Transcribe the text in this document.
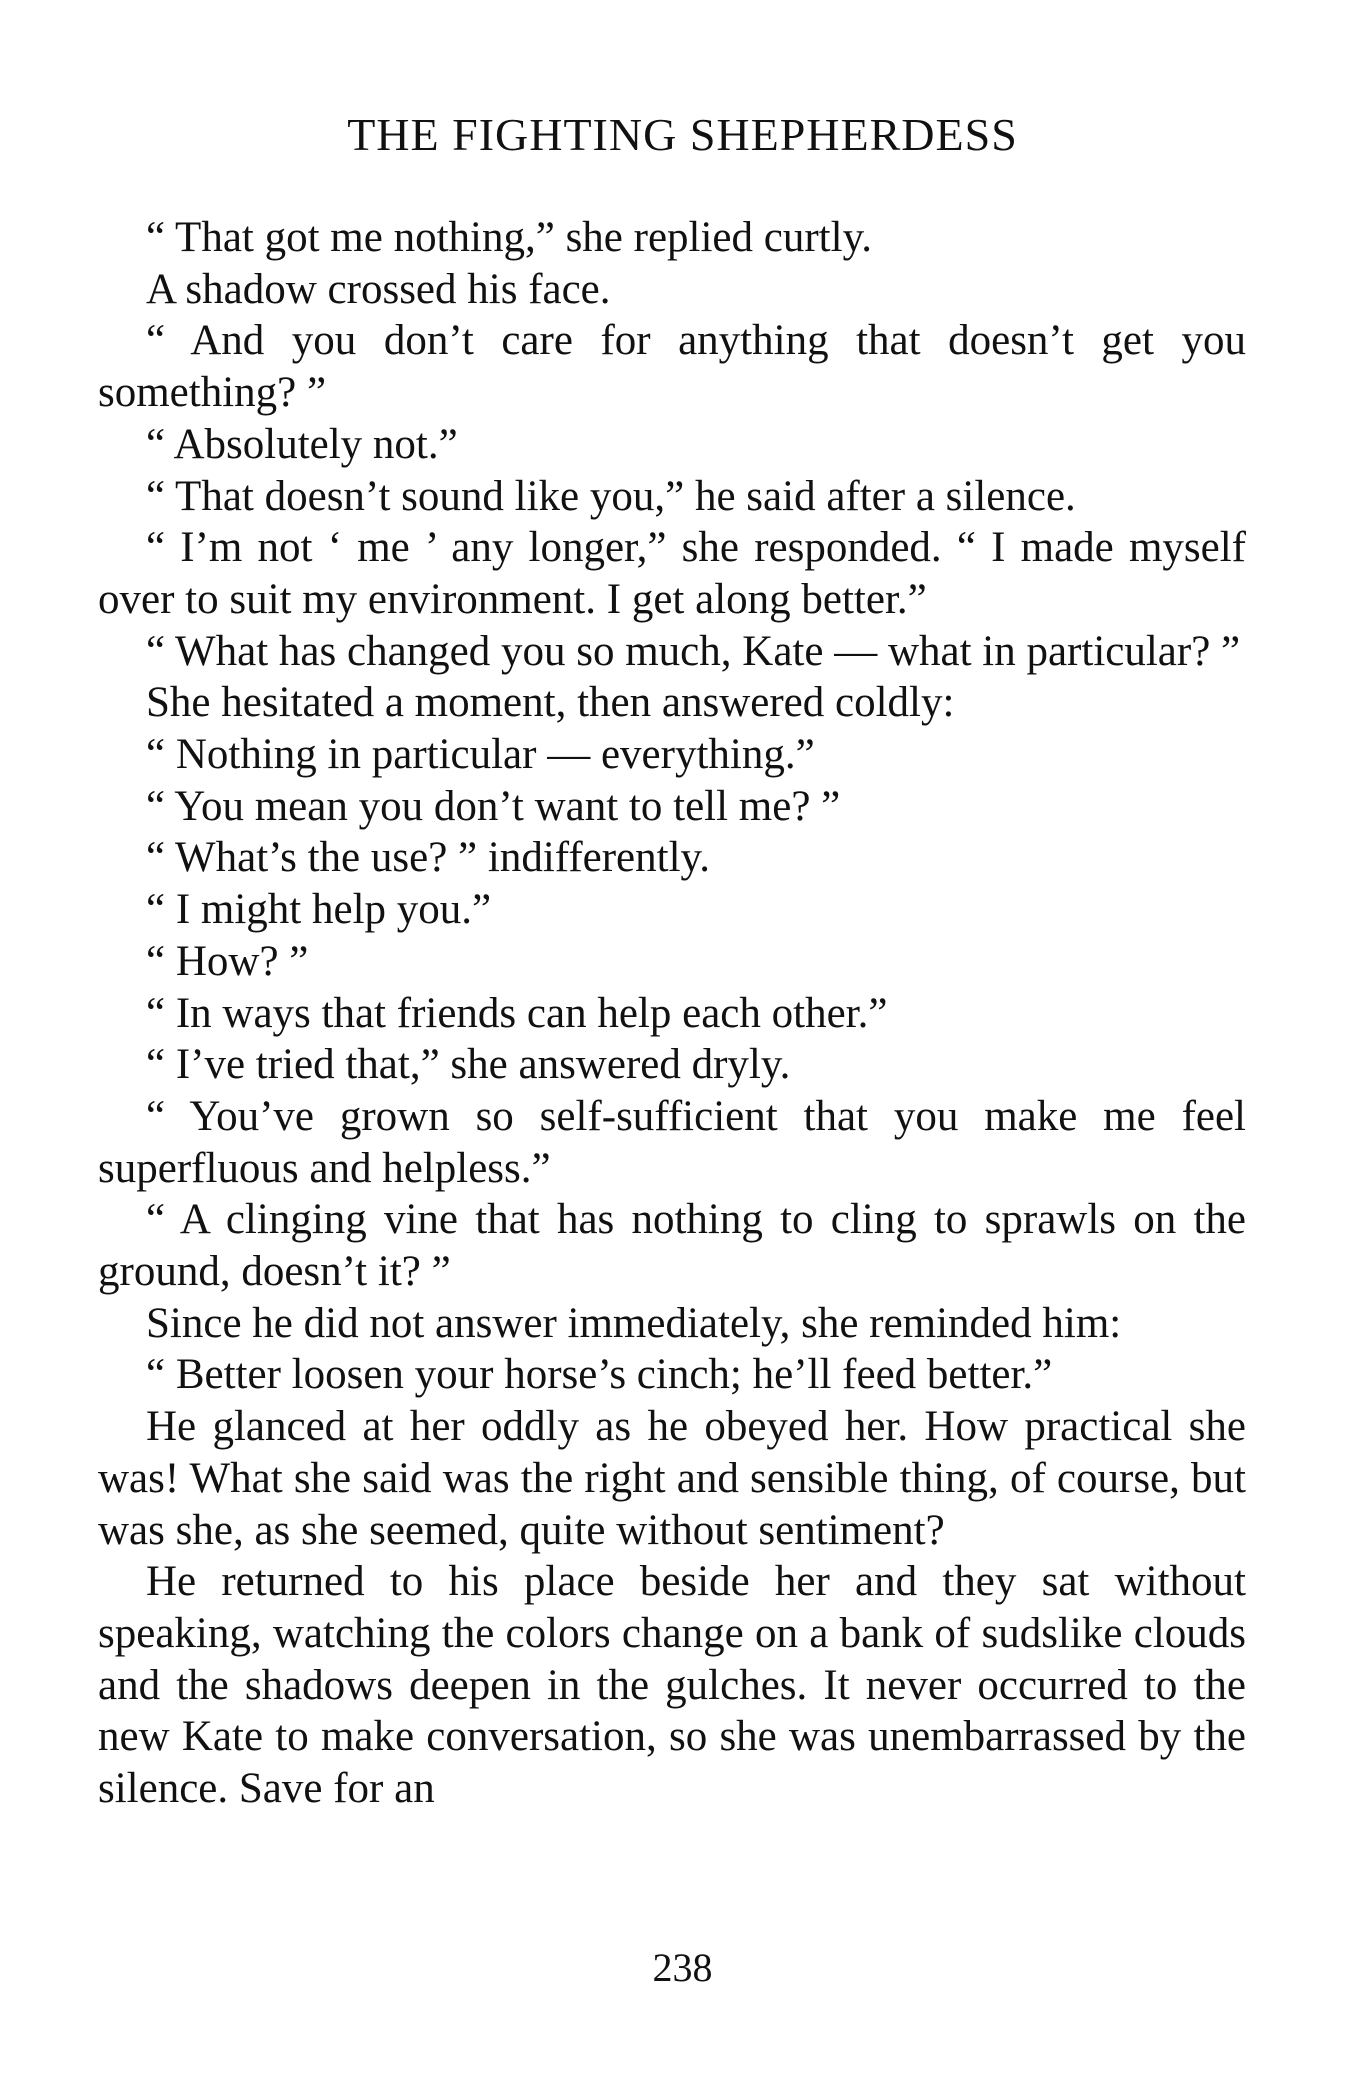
THE FIGHTING SHEPHERDESS

“ That got me nothing,” she replied curtly.

A shadow crossed his face.

“ And you don’t care for anything that doesn’t get you something? ”

“ Absolutely not.”

“ That doesn’t sound like you,” he said after a silence.

“ I’m not ‘ me ’ any longer,” she responded. “ I made myself over to suit my environment. I get along better.”

“ What has changed you so much, Kate — what in particular? ”

She hesitated a moment, then answered coldly:

“ Nothing in particular — everything.”

“ You mean you don’t want to tell me? ”

“ What’s the use? ” indifferently.

“ I might help you.”

“ How? ”

“ In ways that friends can help each other.”

“ I’ve tried that,” she answered dryly.

“ You’ve grown so self-sufficient that you make me feel superfluous and helpless.”

“ A clinging vine that has nothing to cling to sprawls on the ground, doesn’t it? ”

Since he did not answer immediately, she reminded him:

“ Better loosen your horse’s cinch; he’ll feed better.”

He glanced at her oddly as he obeyed her. How practical she was! What she said was the right and sensible thing, of course, but was she, as she seemed, quite without sentiment?

He returned to his place beside her and they sat without speaking, watching the colors change on a bank of sudslike clouds and the shadows deepen in the gulches. It never occurred to the new Kate to make conversation, so she was unembarrassed by the silence. Save for an

238
